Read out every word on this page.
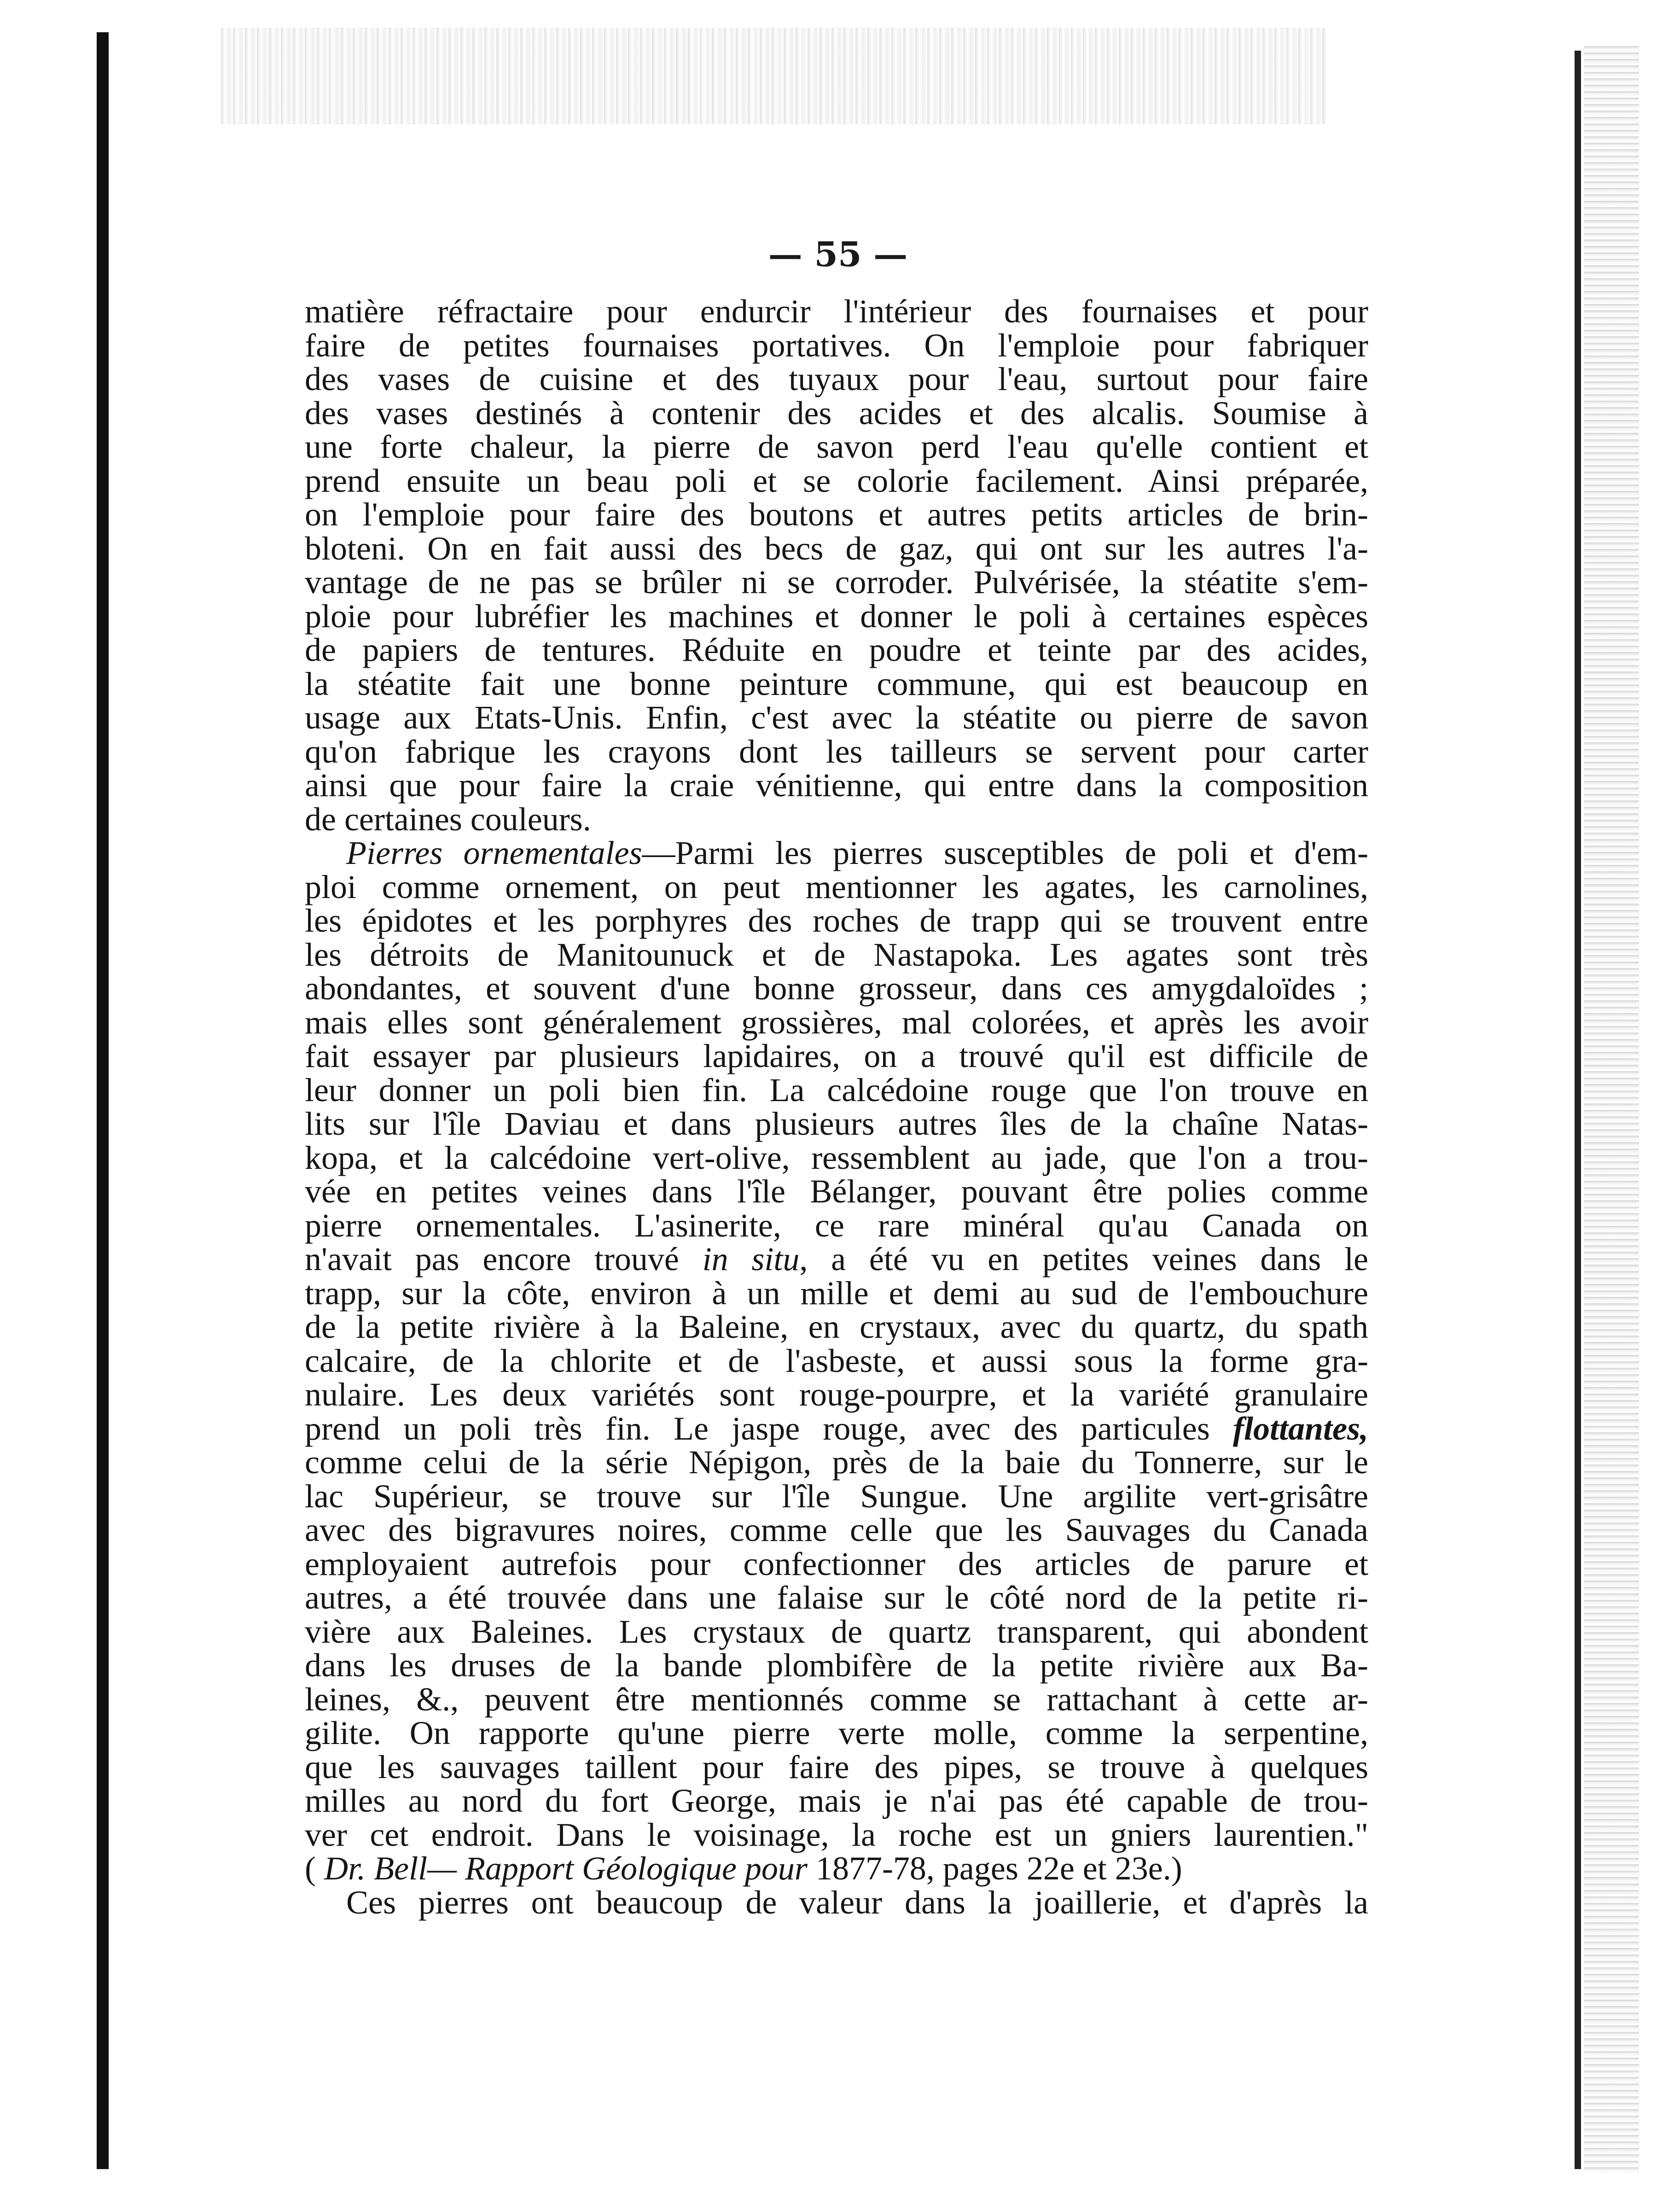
— 55 —
matière réfractaire pour endurcir l'intérieur des fournaises et pour
faire de petites fournaises portatives. On l'emploie pour fabriquer
des vases de cuisine et des tuyaux pour l'eau, surtout pour faire
des vases destinés à contenir des acides et des alcalis. Soumise à
une forte chaleur, la pierre de savon perd l'eau qu'elle contient et
prend ensuite un beau poli et se colorie facilement. Ainsi préparée,
on l'emploie pour faire des boutons et autres petits articles de brin-
bloteni. On en fait aussi des becs de gaz, qui ont sur les autres l'a-
vantage de ne pas se brûler ni se corroder. Pulvérisée, la stéatite s'em-
ploie pour lubréfier les machines et donner le poli à certaines espèces
de papiers de tentures. Réduite en poudre et teinte par des acides,
la stéatite fait une bonne peinture commune, qui est beaucoup en
usage aux Etats-Unis. Enfin, c'est avec la stéatite ou pierre de savon
qu'on fabrique les crayons dont les tailleurs se servent pour carter
ainsi que pour faire la craie vénitienne, qui entre dans la composition
de certaines couleurs.
Pierres ornementales—Parmi les pierres susceptibles de poli et d'em-
ploi comme ornement, on peut mentionner les agates, les carnolines,
les épidotes et les porphyres des roches de trapp qui se trouvent entre
les détroits de Manitounuck et de Nastapoka. Les agates sont très
abondantes, et souvent d'une bonne grosseur, dans ces amygdaloïdes ;
mais elles sont généralement grossières, mal colorées, et après les avoir
fait essayer par plusieurs lapidaires, on a trouvé qu'il est difficile de
leur donner un poli bien fin. La calcédoine rouge que l'on trouve en
lits sur l'île Daviau et dans plusieurs autres îles de la chaîne Natas-
kopa, et la calcédoine vert-olive, ressemblent au jade, que l'on a trou-
vée en petites veines dans l'île Bélanger, pouvant être polies comme
pierre ornementales. L'asinerite, ce rare minéral qu'au Canada on
n'avait pas encore trouvé in situ, a été vu en petites veines dans le
trapp, sur la côte, environ à un mille et demi au sud de l'embouchure
de la petite rivière à la Baleine, en crystaux, avec du quartz, du spath
calcaire, de la chlorite et de l'asbeste, et aussi sous la forme gra-
nulaire. Les deux variétés sont rouge-pourpre, et la variété granulaire
prend un poli très fin. Le jaspe rouge, avec des particules flottantes,
comme celui de la série Népigon, près de la baie du Tonnerre, sur le
lac Supérieur, se trouve sur l'île Sungue. Une argilite vert-grisâtre
avec des bigravures noires, comme celle que les Sauvages du Canada
employaient autrefois pour confectionner des articles de parure et
autres, a été trouvée dans une falaise sur le côté nord de la petite ri-
vière aux Baleines. Les crystaux de quartz transparent, qui abondent
dans les druses de la bande plombifère de la petite rivière aux Ba-
leines, &., peuvent être mentionnés comme se rattachant à cette ar-
gilite. On rapporte qu'une pierre verte molle, comme la serpentine,
que les sauvages taillent pour faire des pipes, se trouve à quelques
milles au nord du fort George, mais je n'ai pas été capable de trou-
ver cet endroit. Dans le voisinage, la roche est un gniers laurentien."
( Dr. Bell— Rapport Géologique pour 1877-78, pages 22e et 23e.)
Ces pierres ont beaucoup de valeur dans la joaillerie, et d'après la
